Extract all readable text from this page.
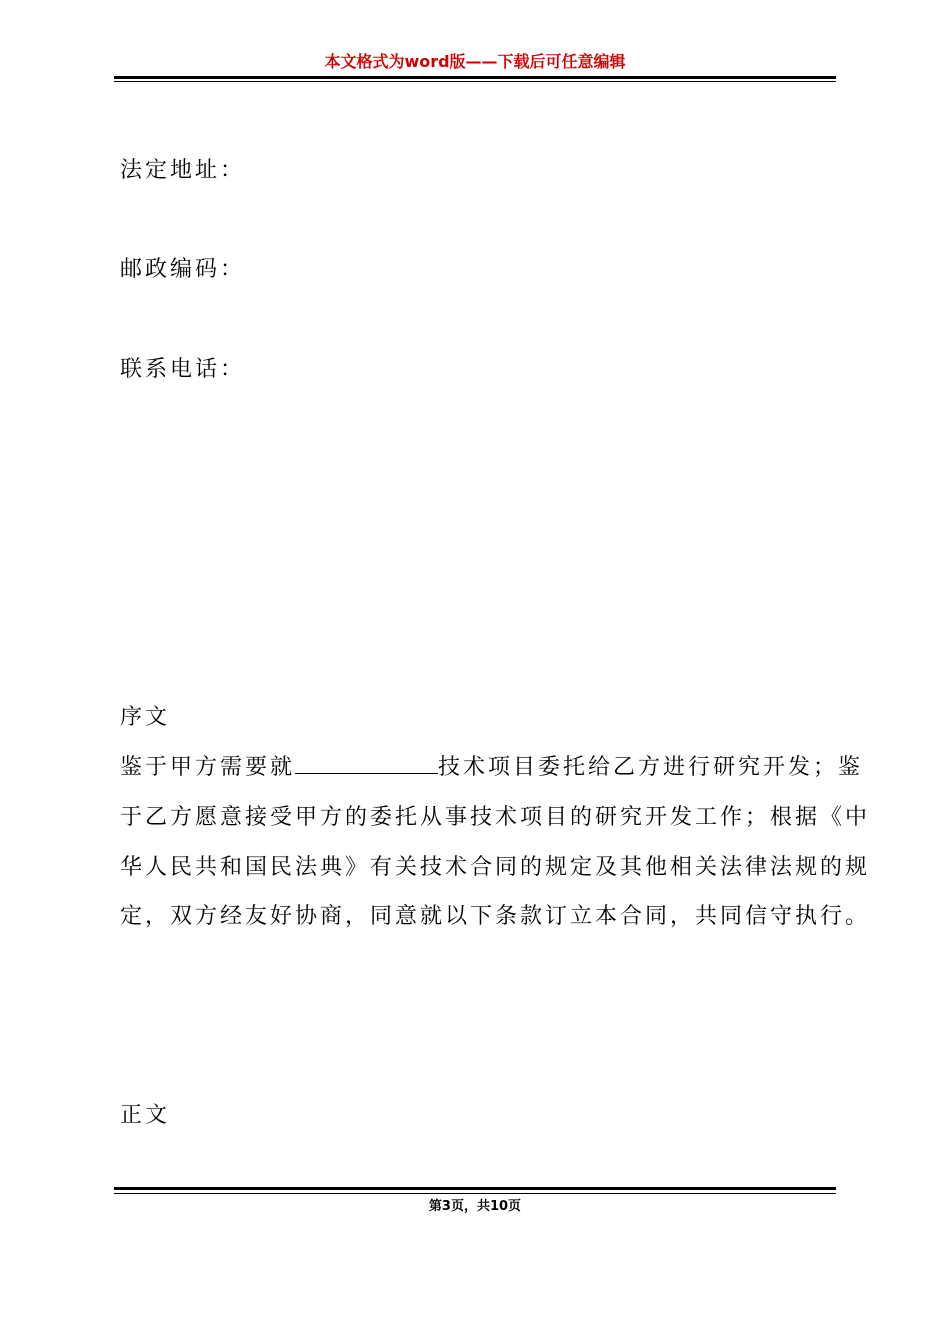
本文格式为word版——下载后可任意编辑
法定地址：
邮政编码：
联系电话：
序文
鉴于甲方需要就	技术项目委托给乙方进行研究开发；鉴
于乙方愿意接受甲方的委托从事技术项目的研究开发工作；根据《中
华人民共和国民法典》有关技术合同的规定及其他相关法律法规的规
定，双方经友好协商，同意就以下条款订立本合同，共同信守执行。
正文
第3页，共10页
